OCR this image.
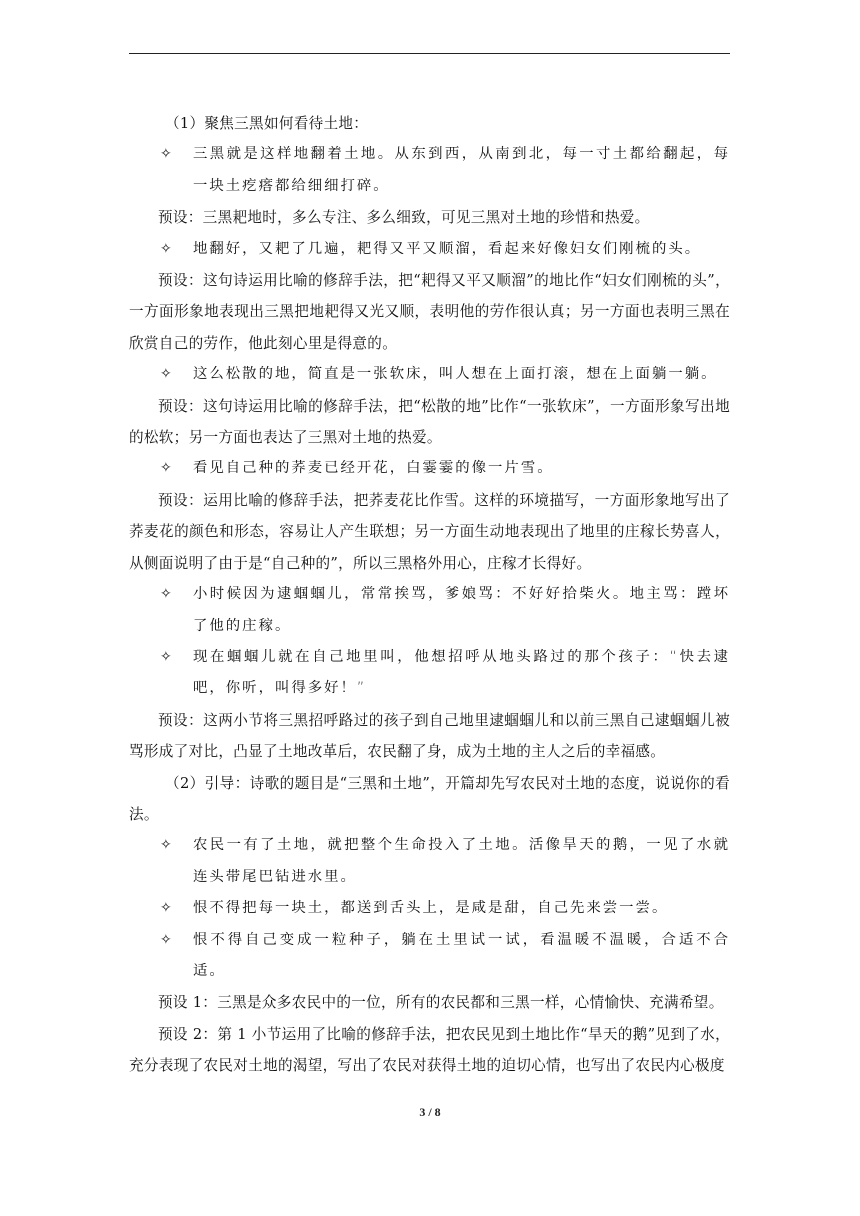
（1）聚焦三黑如何看待土地：

✧ 三黑就是这样地翻着土地。从东到西，从南到北，每一寸土都给翻起，每一块土疙瘩都给细细打碎。

预设：三黑耙地时，多么专注、多么细致，可见三黑对土地的珍惜和热爱。

✧ 地翻好，又耙了几遍，耙得又平又顺溜，看起来好像妇女们刚梳的头。

预设：这句诗运用比喻的修辞手法，把“耙得又平又顺溜”的地比作“妇女们刚梳的头”，一方面形象地表现出三黑把地耙得又光又顺，表明他的劳作很认真；另一方面也表明三黑在欣赏自己的劳作，他此刻心里是得意的。

✧ 这么松散的地，简直是一张软床，叫人想在上面打滚，想在上面躺一躺。

预设：这句诗运用比喻的修辞手法，把“松散的地”比作“一张软床”，一方面形象写出地的松软；另一方面也表达了三黑对土地的热爱。

✧ 看见自己种的荞麦已经开花，白霎霎的像一片雪。

预设：运用比喻的修辞手法，把荞麦花比作雪。这样的环境描写，一方面形象地写出了荞麦花的颜色和形态，容易让人产生联想；另一方面生动地表现出了地里的庄稼长势喜人，从侧面说明了由于是“自己种的”，所以三黑格外用心，庄稼才长得好。

✧ 小时候因为逮蝈蝈儿，常常挨骂，爹娘骂：不好好拾柴火。地主骂：蹚坏了他的庄稼。

✧ 现在蝈蝈儿就在自己地里叫，他想招呼从地头路过的那个孩子：“快去逮吧，你听，叫得多好！”

预设：这两小节将三黑招呼路过的孩子到自己地里逮蝈蝈儿和以前三黑自己逮蝈蝈儿被骂形成了对比，凸显了土地改革后，农民翻了身，成为土地的主人之后的幸福感。

（2）引导：诗歌的题目是“三黑和土地”，开篇却先写农民对土地的态度，说说你的看法。

✧ 农民一有了土地，就把整个生命投入了土地。活像旱天的鹅，一见了水就连头带尾巴钻进水里。

✧ 恨不得把每一块土，都送到舌头上，是咸是甜，自己先来尝一尝。

✧ 恨不得自己变成一粒种子，躺在土里试一试，看温暖不温暖，合适不合适。

预设 1：三黑是众多农民中的一位，所有的农民都和三黑一样，心情愉快、充满希望。

预设 2：第 1 小节运用了比喻的修辞手法，把农民见到土地比作“旱天的鹅”见到了水，充分表现了农民对土地的渴望，写出了农民对获得土地的迫切心情，也写出了农民内心极度

3 / 8
